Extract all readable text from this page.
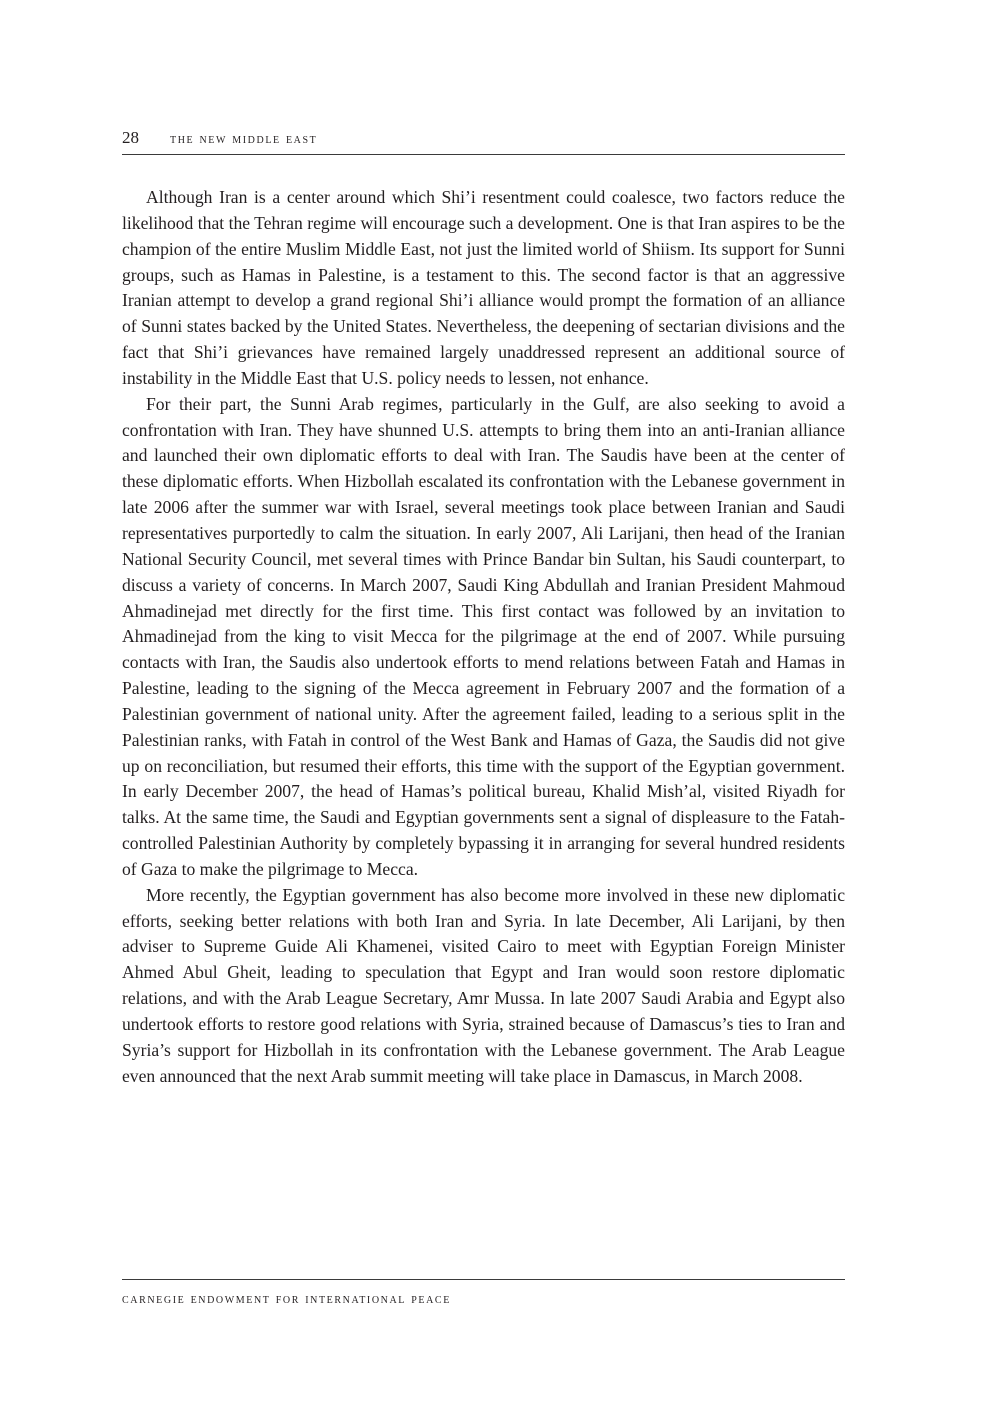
28 the new middle east

Although Iran is a center around which Shi’i resentment could coalesce, two factors reduce the likelihood that the Tehran regime will encourage such a development. One is that Iran aspires to be the champion of the entire Muslim Middle East, not just the limited world of Shiism. Its support for Sunni groups, such as Hamas in Palestine, is a testament to this. The second factor is that an aggressive Iranian attempt to develop a grand regional Shi’i alliance would prompt the formation of an alliance of Sunni states backed by the United States. Nevertheless, the deepening of sectarian divisions and the fact that Shi’i grievances have remained largely unaddressed represent an additional source of instability in the Middle East that U.S. policy needs to lessen, not enhance.

For their part, the Sunni Arab regimes, particularly in the Gulf, are also seeking to avoid a confrontation with Iran. They have shunned U.S. attempts to bring them into an anti-Iranian alliance and launched their own diplomatic efforts to deal with Iran. The Saudis have been at the center of these diplomatic efforts. When Hizbollah escalated its confrontation with the Lebanese government in late 2006 after the summer war with Israel, several meetings took place between Iranian and Saudi representatives purportedly to calm the situation. In early 2007, Ali Larijani, then head of the Iranian National Security Council, met several times with Prince Bandar bin Sultan, his Saudi counterpart, to discuss a variety of concerns. In March 2007, Saudi King Abdullah and Iranian President Mahmoud Ahmadinejad met directly for the first time. This first contact was followed by an invitation to Ahmadinejad from the king to visit Mecca for the pilgrimage at the end of 2007. While pursuing contacts with Iran, the Saudis also undertook efforts to mend relations between Fatah and Hamas in Palestine, leading to the signing of the Mecca agreement in February 2007 and the formation of a Palestinian government of national unity. After the agreement failed, leading to a serious split in the Palestinian ranks, with Fatah in control of the West Bank and Hamas of Gaza, the Saudis did not give up on reconciliation, but resumed their efforts, this time with the support of the Egyptian government. In early December 2007, the head of Hamas’s political bureau, Khalid Mish’al, visited Riyadh for talks. At the same time, the Saudi and Egyptian governments sent a signal of displeasure to the Fatah-controlled Palestinian Authority by completely bypassing it in arranging for several hundred residents of Gaza to make the pilgrimage to Mecca.

More recently, the Egyptian government has also become more involved in these new diplomatic efforts, seeking better relations with both Iran and Syria. In late December, Ali Larijani, by then adviser to Supreme Guide Ali Khamenei, visited Cairo to meet with Egyptian Foreign Minister Ahmed Abul Gheit, leading to speculation that Egypt and Iran would soon restore diplomatic relations, and with the Arab League Secretary, Amr Mussa. In late 2007 Saudi Arabia and Egypt also undertook efforts to restore good relations with Syria, strained because of Damascus’s ties to Iran and Syria’s support for Hizbollah in its confrontation with the Lebanese government. The Arab League even announced that the next Arab summit meeting will take place in Damascus, in March 2008.

carnegie endowment for international peace
